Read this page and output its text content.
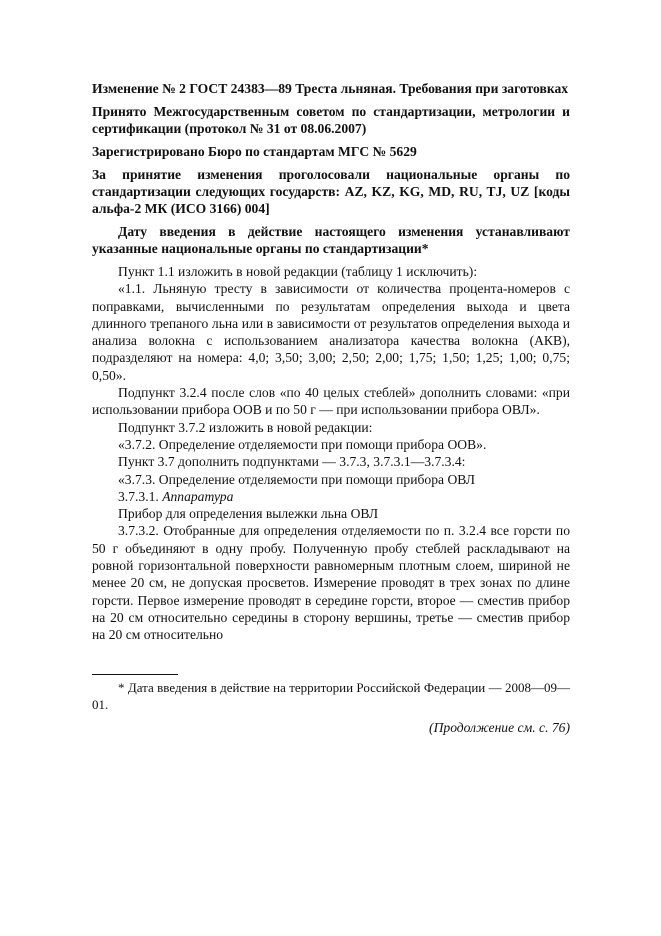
Изменение № 2 ГОСТ 24383—89 Треста льняная. Требования при заготовках

Принято Межгосударственным советом по стандартизации, метрологии и сертификации (протокол № 31 от 08.06.2007)

Зарегистрировано Бюро по стандартам МГС № 5629

За принятие изменения проголосовали национальные органы по стандартизации следующих государств: AZ, KZ, KG, MD, RU, TJ, UZ [коды альфа-2 МК (ИСО 3166) 004]

Дату введения в действие настоящего изменения устанавливают указанные национальные органы по стандартизации*

Пункт 1.1 изложить в новой редакции (таблицу 1 исключить):

«1.1. Льняную тресту в зависимости от количества процента-номеров с поправками, вычисленными по результатам определения выхода и цвета длинного трепаного льна или в зависимости от результатов определения выхода и анализа волокна с использованием анализатора качества волокна (АКВ), подразделяют на номера: 4,0; 3,50; 3,00; 2,50; 2,00; 1,75; 1,50; 1,25; 1,00; 0,75; 0,50».

Подпункт 3.2.4 после слов «по 40 целых стеблей» дополнить словами: «при использовании прибора ООВ и по 50 г — при использовании прибора ОВЛ».

Подпункт 3.7.2 изложить в новой редакции:

«3.7.2. Определение отделяемости при помощи прибора ООВ».

Пункт 3.7 дополнить подпунктами — 3.7.3, 3.7.3.1—3.7.3.4:

«3.7.3. Определение отделяемости при помощи прибора ОВЛ

3.7.3.1. Аппаратура

Прибор для определения вылежки льна ОВЛ

3.7.3.2. Отобранные для определения отделяемости по п. 3.2.4 все горсти по 50 г объединяют в одну пробу. Полученную пробу стеблей раскладывают на ровной горизонтальной поверхности равномерным плотным слоем, шириной не менее 20 см, не допуская просветов. Измерение проводят в трех зонах по длине горсти. Первое измерение проводят в середине горсти, второе — сместив прибор на 20 см относительно середины в сторону вершины, третье — сместив прибор на 20 см относительно

* Дата введения в действие на территории Российской Федерации — 2008—09—01.

(Продолжение см. с. 76)
